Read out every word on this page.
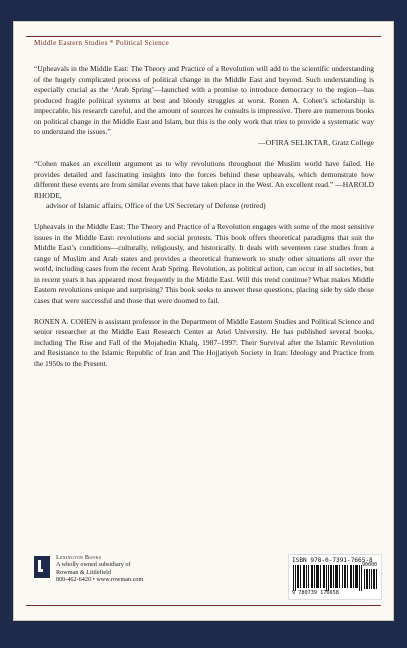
Middle Eastern Studies * Political Science

“Upheavals in the Middle East: The Theory and Practice of a Revolution will add to the scientific understanding of the hugely complicated process of political change in the Middle East and beyond. Such understanding is especially crucial as the ‘Arab Spring’—launched with a promise to introduce democracy to the region—has produced fragile political systems at best and bloody struggles at worst. Ronen A. Cohen’s scholarship is impeccable, his research careful, and the amount of sources he consults is impressive. There are numerous books on political change in the Middle East and Islam, but this is the only work that tries to provide a systematic way to understand the issues.”

—OFIRA SELIKTAR, Gratz College

“Cohen makes an excellent argument as to why revolutions throughout the Muslim world have failed. He provides detailed and fascinating insights into the forces behind these upheavals, which demonstrate how different these events are from similar events that have taken place in the West. An excellent read.” —HAROLD RHODE,
advisor of Islamic affairs, Office of the US Secretary of Defense (retired)

Upheavals in the Middle East: The Theory and Practice of a Revolution engages with some of the most sensitive issues in the Middle East: revolutions and social protests. This book offers theoretical paradigms that suit the Middle East’s conditions—culturally, religiously, and historically. It deals with seventeen case studies from a range of Muslim and Arab states and provides a theoretical framework to study other situations all over the world, including cases from the recent Arab Spring. Revolution, as political action, can occur in all societies, but in recent years it has appeared most frequently in the Middle East. Will this trend continue? What makes Middle Eastern revolutions unique and surprising? This book seeks to answer these questions, placing side by side those cases that were successful and those that were doomed to fail.

RONEN A. COHEN is assistant professor in the Department of Middle Eastern Studies and Political Science and senior researcher at the Middle East Research Center at Ariel University. He has published several books, including The Rise and Fall of the Mojahedin Khalq, 1987–1997: Their Survival after the Islamic Revolution and Resistance to the Islamic Republic of Iran and The Hojjatiyeh Society in Iran: Ideology and Practice from the 1950s to the Present.

Lexington Books
A wholly owned subsidiary of
Rowman & Littlefield
800-462-6420 • www.rowman.com
ISBN 978-0-7391-7665-8
90000
9 780739 176658
